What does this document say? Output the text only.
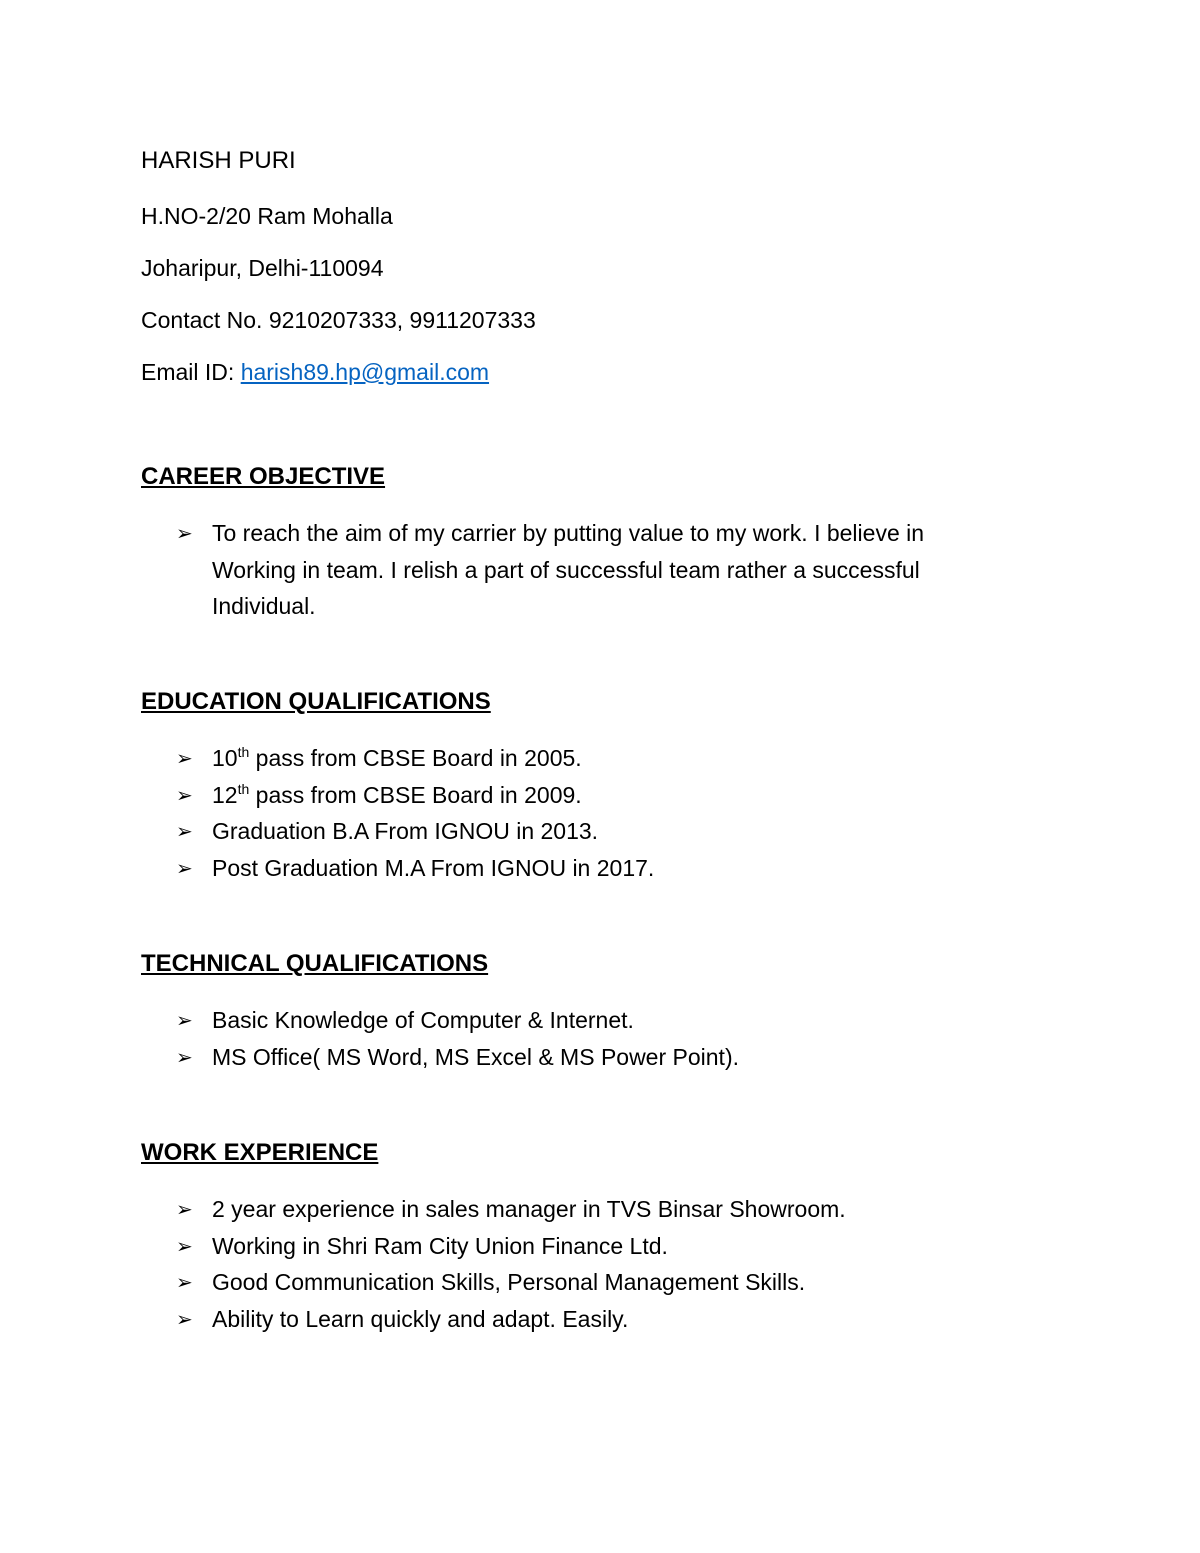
HARISH PURI
H.NO-2/20 Ram Mohalla
Joharipur, Delhi-110094
Contact No. 9210207333, 9911207333
Email ID: harish89.hp@gmail.com
CAREER OBJECTIVE
➢ To reach the aim of my carrier by putting value to my work. I believe in Working in team. I relish a part of successful team rather a successful Individual.
EDUCATION QUALIFICATIONS
➢ 10th pass from CBSE Board in 2005.
➢ 12th pass from CBSE Board in 2009.
➢ Graduation B.A From IGNOU in 2013.
➢ Post Graduation M.A From IGNOU in 2017.
TECHNICAL QUALIFICATIONS
➢ Basic Knowledge of Computer & Internet.
➢ MS Office( MS Word, MS Excel & MS Power Point).
WORK EXPERIENCE
➢ 2 year experience in sales manager in TVS Binsar Showroom.
➢ Working in Shri Ram City Union Finance Ltd.
➢ Good Communication Skills, Personal Management Skills.
➢ Ability to Learn quickly and adapt. Easily.
